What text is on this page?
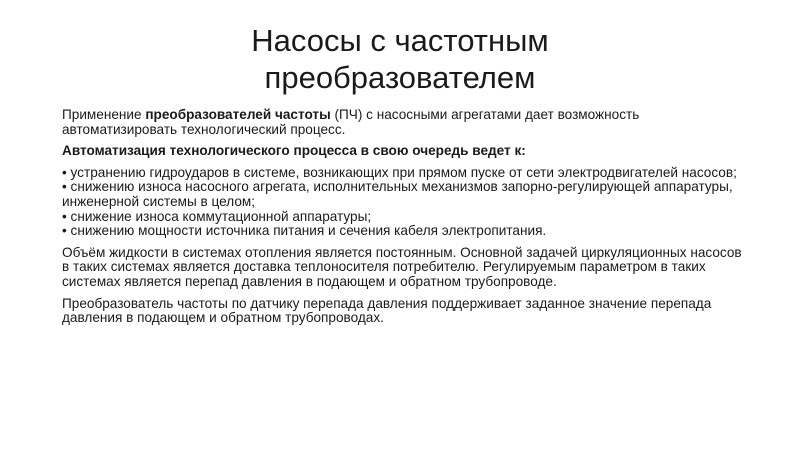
Насосы с частотным
преобразователем

Применение преобразователей частоты (ПЧ) с насосными агрегатами дает возможность автоматизировать технологический процесс.

Автоматизация технологического процесса в свою очередь ведет к:

• устранению гидроударов в системе, возникающих при прямом пуске от сети электродвигателей насосов;
• снижению износа насосного агрегата, исполнительных механизмов запорно-регулирующей аппаратуры, инженерной системы в целом;
• снижение износа коммутационной аппаратуры;
• снижению мощности источника питания и сечения кабеля электропитания.

Объём жидкости в системах отопления является постоянным. Основной задачей циркуляционных насосов в таких системах является доставка теплоносителя потребителю. Регулируемым параметром в таких системах является перепад давления в подающем и обратном трубопроводе.

Преобразователь частоты по датчику перепада давления поддерживает заданное значение перепада давления в подающем и обратном трубопроводах.
